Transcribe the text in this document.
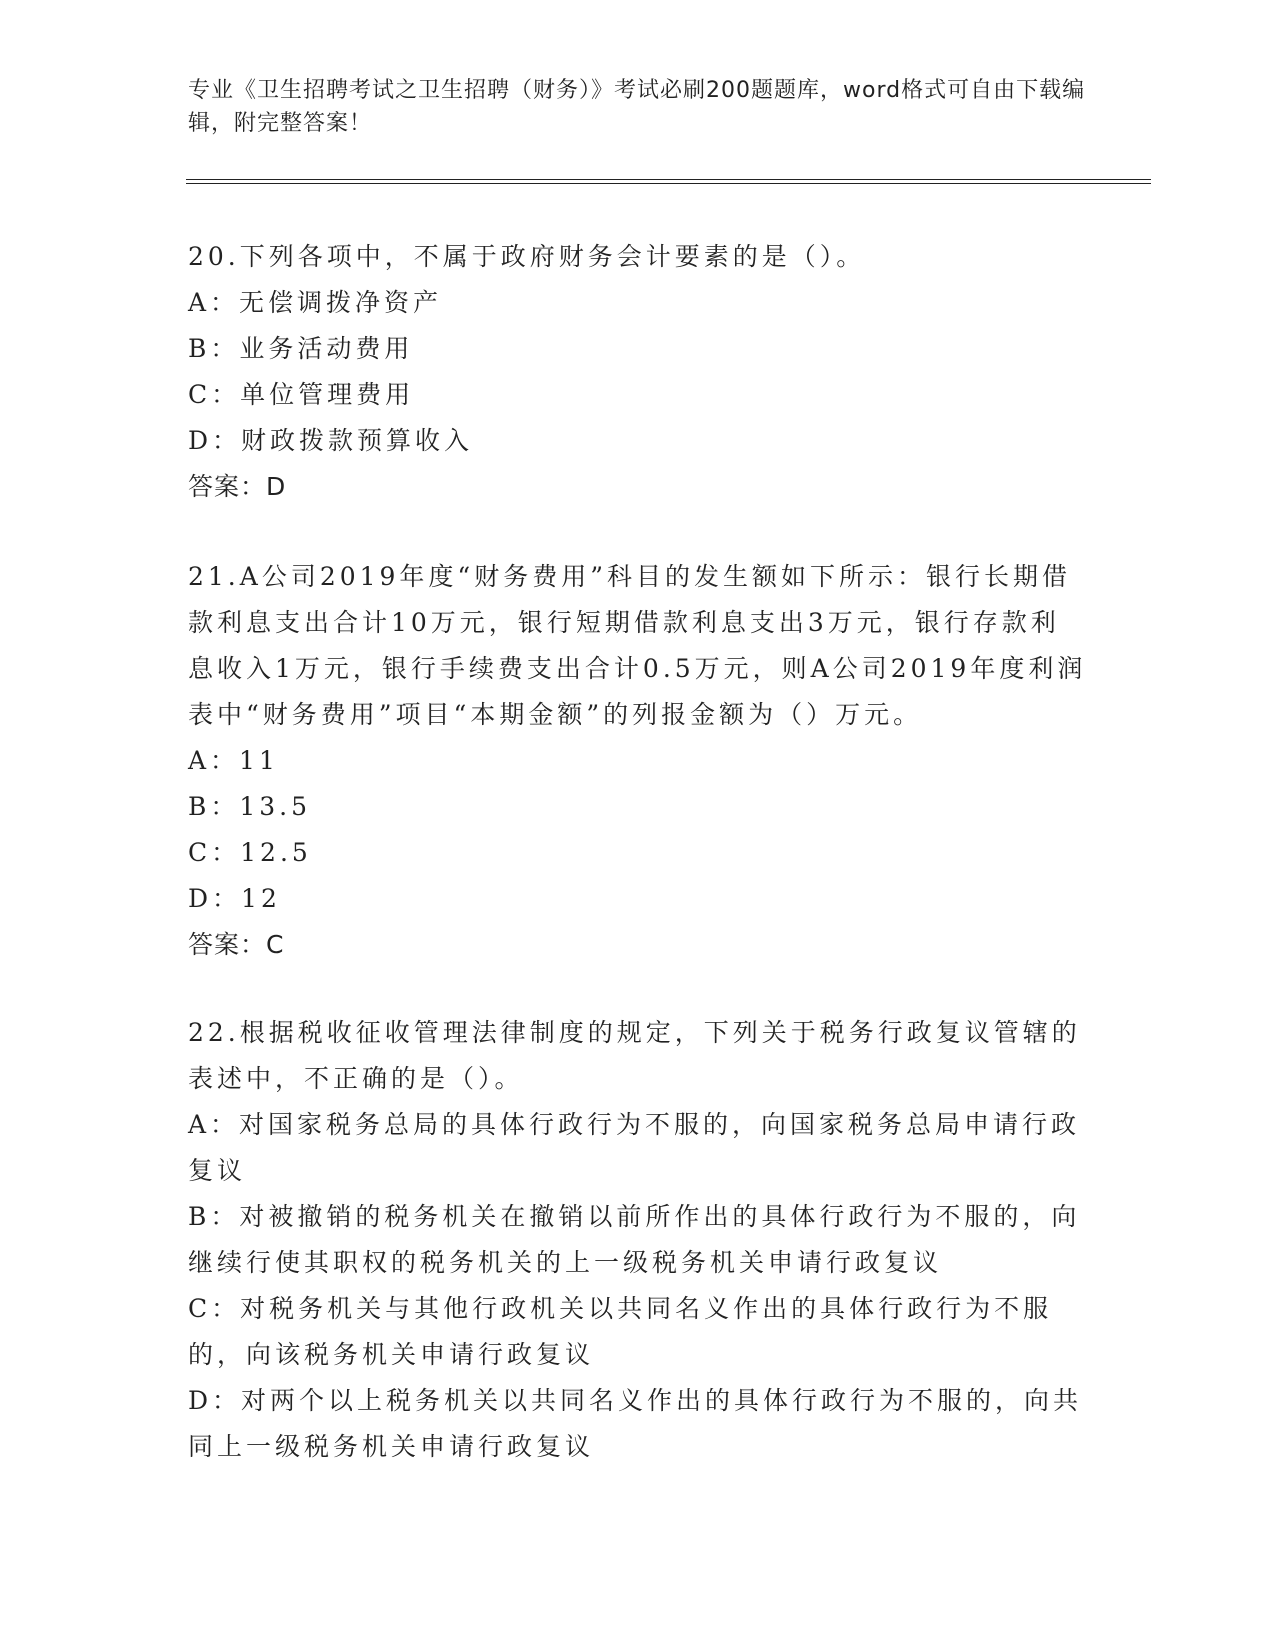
专业《卫生招聘考试之卫生招聘（财务）》考试必刷200题题库，word格式可自由下载编辑，附完整答案！

20.下列各项中，不属于政府财务会计要素的是（）。

A：无偿调拨净资产

B：业务活动费用

C：单位管理费用

D：财政拨款预算收入

答案：D

21.A公司2019年度“财务费用”科目的发生额如下所示：银行长期借款利息支出合计10万元，银行短期借款利息支出3万元，银行存款利息收入1万元，银行手续费支出合计0.5万元，则A公司2019年度利润表中“财务费用”项目“本期金额”的列报金额为（）万元。

A：11

B：13.5

C：12.5

D：12

答案：C

22.根据税收征收管理法律制度的规定，下列关于税务行政复议管辖的表述中，不正确的是（）。

A：对国家税务总局的具体行政行为不服的，向国家税务总局申请行政复议

B：对被撤销的税务机关在撤销以前所作出的具体行政行为不服的，向继续行使其职权的税务机关的上一级税务机关申请行政复议

C：对税务机关与其他行政机关以共同名义作出的具体行政行为不服的，向该税务机关申请行政复议

D：对两个以上税务机关以共同名义作出的具体行政行为不服的，向共同上一级税务机关申请行政复议
